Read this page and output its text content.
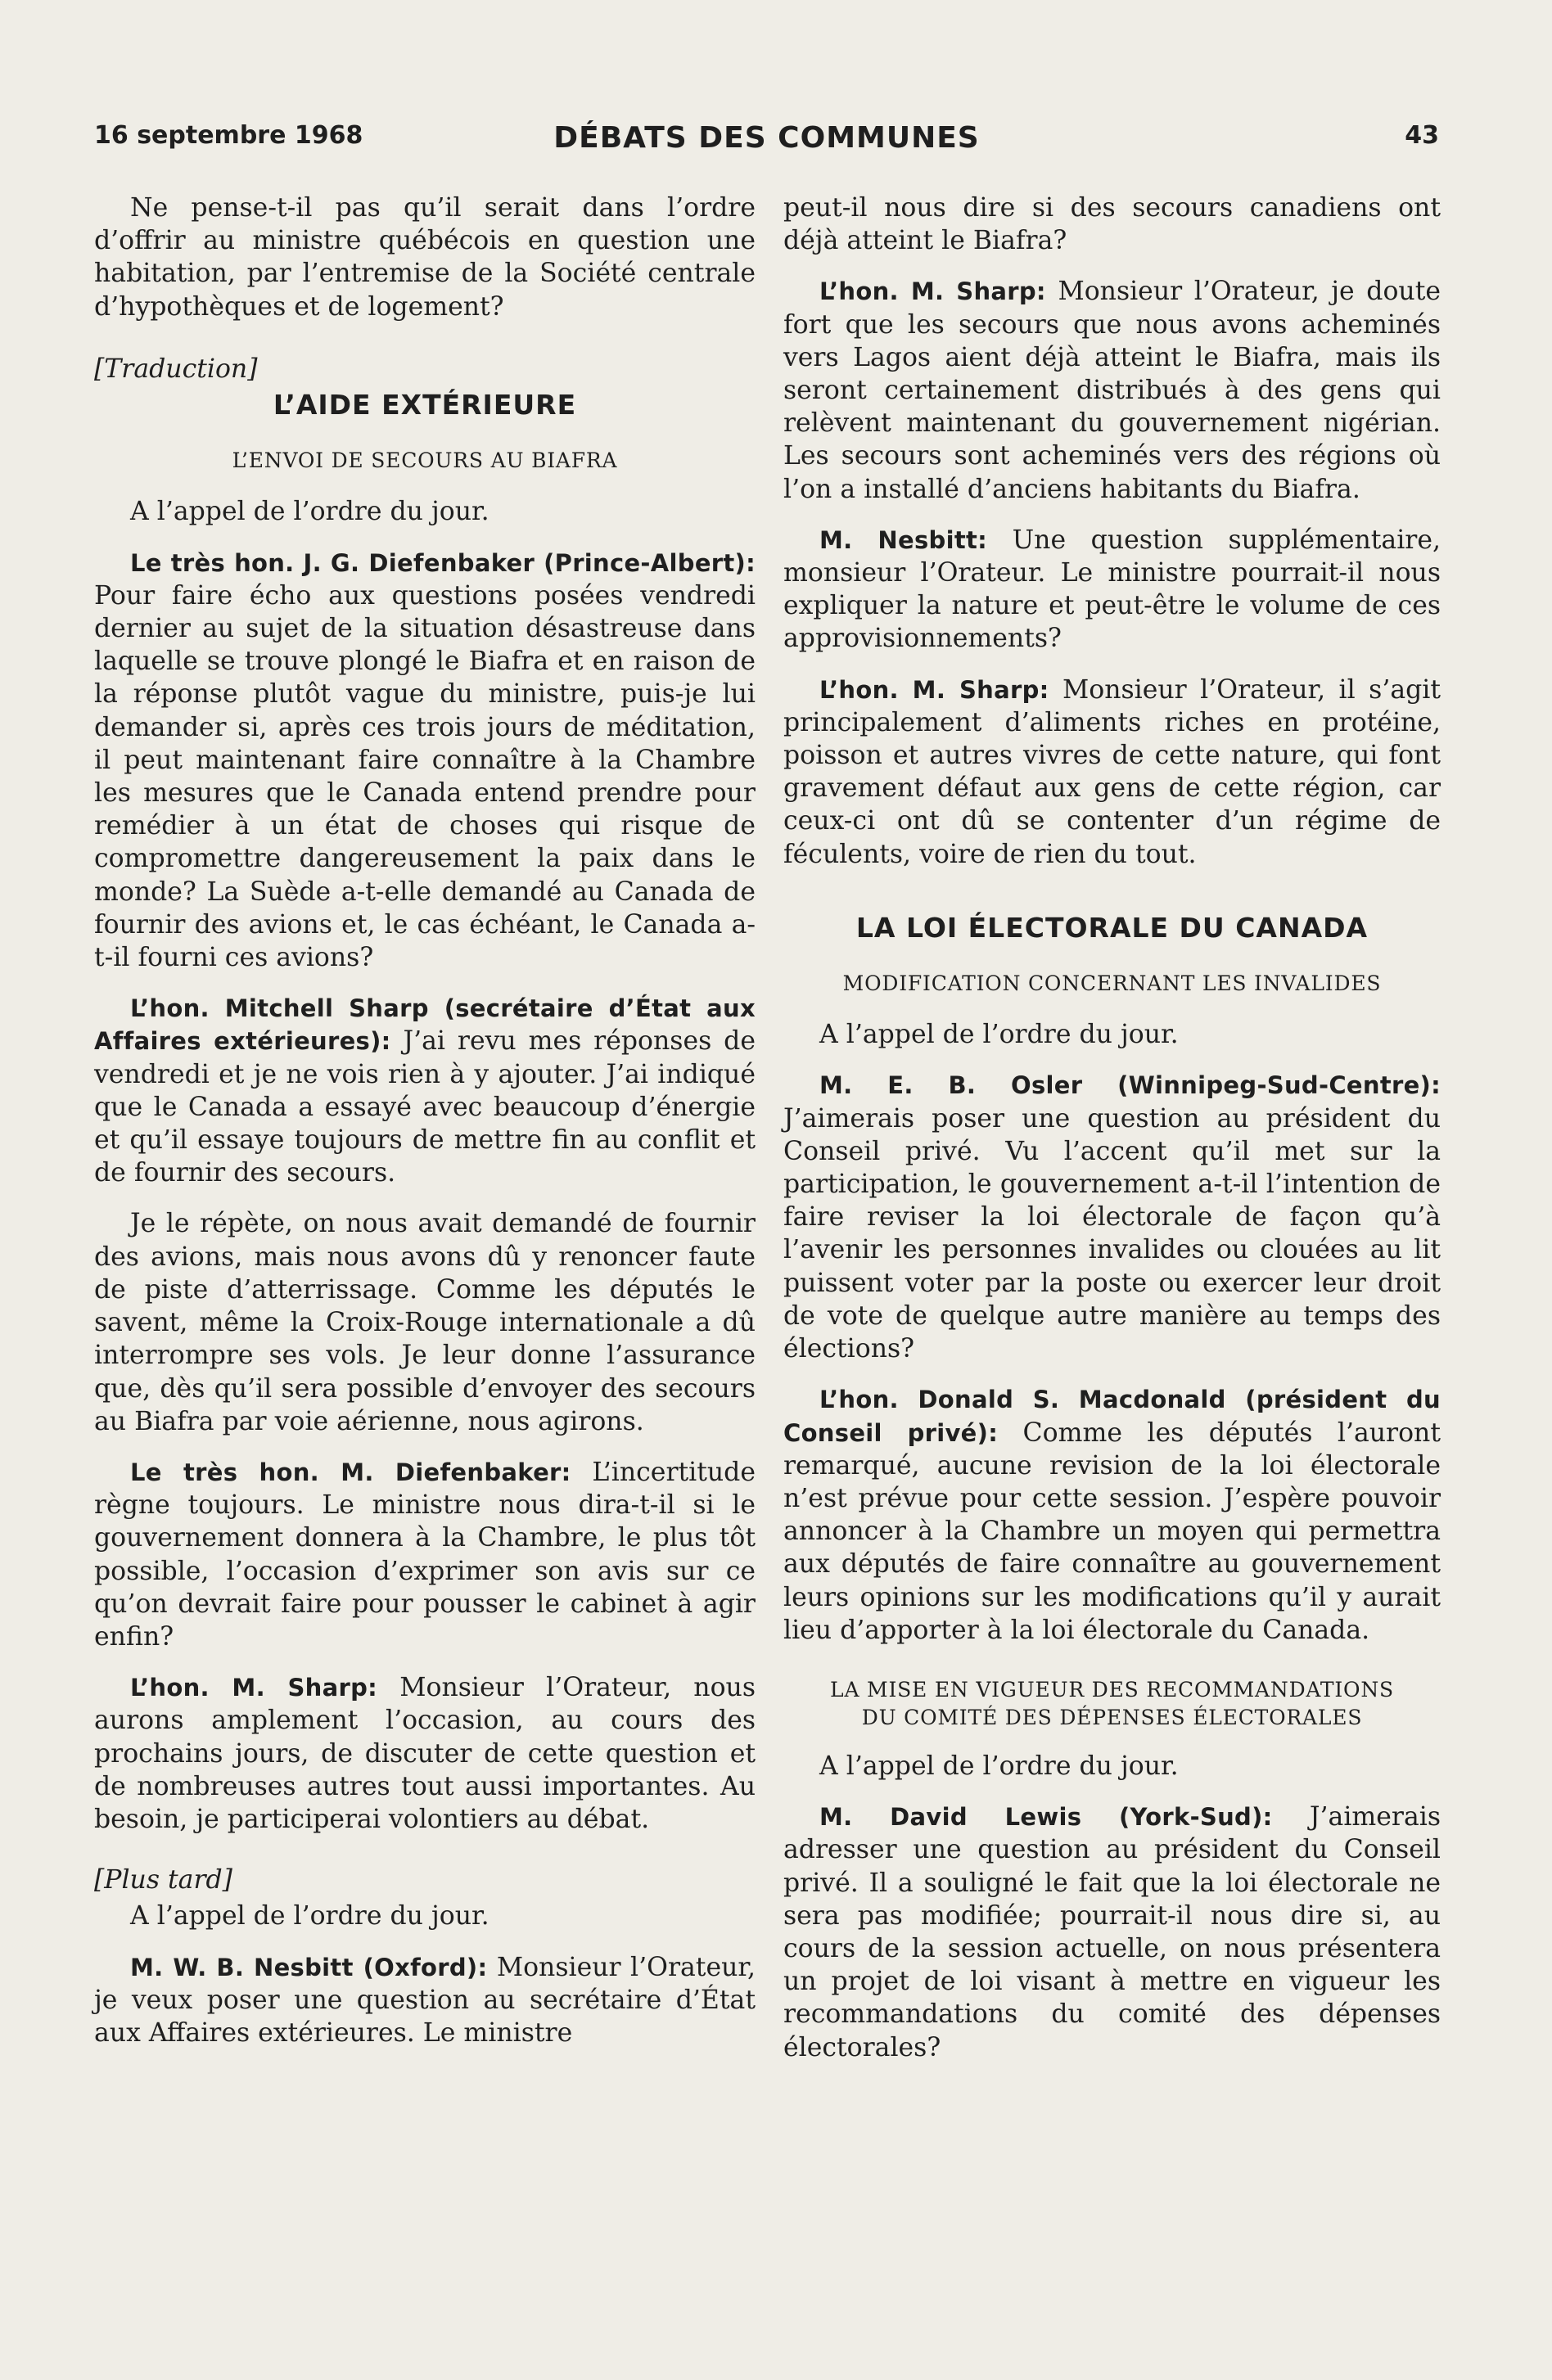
16 septembre 1968	DÉBATS DES COMMUNES	43

Ne pense-t-il pas qu’il serait dans l’ordre d’offrir au ministre québécois en question une habitation, par l’entremise de la Société centrale d’hypothèques et de logement?

[Traduction]

L’AIDE EXTÉRIEURE
L’ENVOI DE SECOURS AU BIAFRA

A l’appel de l’ordre du jour.

Le très hon. J. G. Diefenbaker (Prince-Albert): Pour faire écho aux questions posées vendredi dernier au sujet de la situation désastreuse dans laquelle se trouve plongé le Biafra et en raison de la réponse plutôt vague du ministre, puis-je lui demander si, après ces trois jours de méditation, il peut maintenant faire connaître à la Chambre les mesures que le Canada entend prendre pour remédier à un état de choses qui risque de compromettre dangereusement la paix dans le monde? La Suède a-t-elle demandé au Canada de fournir des avions et, le cas échéant, le Canada a-t-il fourni ces avions?

L’hon. Mitchell Sharp (secrétaire d’État aux Affaires extérieures): J’ai revu mes réponses de vendredi et je ne vois rien à y ajouter. J’ai indiqué que le Canada a essayé avec beaucoup d’énergie et qu’il essaye toujours de mettre fin au conflit et de fournir des secours.

Je le répète, on nous avait demandé de fournir des avions, mais nous avons dû y renoncer faute de piste d’atterrissage. Comme les députés le savent, même la Croix-Rouge internationale a dû interrompre ses vols. Je leur donne l’assurance que, dès qu’il sera possible d’envoyer des secours au Biafra par voie aérienne, nous agirons.

Le très hon. M. Diefenbaker: L’incertitude règne toujours. Le ministre nous dira-t-il si le gouvernement donnera à la Chambre, le plus tôt possible, l’occasion d’exprimer son avis sur ce qu’on devrait faire pour pousser le cabinet à agir enfin?

L’hon. M. Sharp: Monsieur l’Orateur, nous aurons amplement l’occasion, au cours des prochains jours, de discuter de cette question et de nombreuses autres tout aussi importantes. Au besoin, je participerai volontiers au débat.

[Plus tard]

A l’appel de l’ordre du jour.

M. W. B. Nesbitt (Oxford): Monsieur l’Orateur, je veux poser une question au secrétaire d’État aux Affaires extérieures. Le ministre

peut-il nous dire si des secours canadiens ont déjà atteint le Biafra?

L’hon. M. Sharp: Monsieur l’Orateur, je doute fort que les secours que nous avons acheminés vers Lagos aient déjà atteint le Biafra, mais ils seront certainement distribués à des gens qui relèvent maintenant du gouvernement nigérian. Les secours sont acheminés vers des régions où l’on a installé d’anciens habitants du Biafra.

M. Nesbitt: Une question supplémentaire, monsieur l’Orateur. Le ministre pourrait-il nous expliquer la nature et peut-être le volume de ces approvisionnements?

L’hon. M. Sharp: Monsieur l’Orateur, il s’agit principalement d’aliments riches en protéine, poisson et autres vivres de cette nature, qui font gravement défaut aux gens de cette région, car ceux-ci ont dû se contenter d’un régime de féculents, voire de rien du tout.

LA LOI ÉLECTORALE DU CANADA
MODIFICATION CONCERNANT LES INVALIDES

A l’appel de l’ordre du jour.

M. E. B. Osler (Winnipeg-Sud-Centre): J’aimerais poser une question au président du Conseil privé. Vu l’accent qu’il met sur la participation, le gouvernement a-t-il l’intention de faire reviser la loi électorale de façon qu’à l’avenir les personnes invalides ou clouées au lit puissent voter par la poste ou exercer leur droit de vote de quelque autre manière au temps des élections?

L’hon. Donald S. Macdonald (président du Conseil privé): Comme les députés l’auront remarqué, aucune revision de la loi électorale n’est prévue pour cette session. J’espère pouvoir annoncer à la Chambre un moyen qui permettra aux députés de faire connaître au gouvernement leurs opinions sur les modifications qu’il y aurait lieu d’apporter à la loi électorale du Canada.

LA MISE EN VIGUEUR DES RECOMMANDATIONS
DU COMITÉ DES DÉPENSES ÉLECTORALES

A l’appel de l’ordre du jour.

M. David Lewis (York-Sud): J’aimerais adresser une question au président du Conseil privé. Il a souligné le fait que la loi électorale ne sera pas modifiée; pourrait-il nous dire si, au cours de la session actuelle, on nous présentera un projet de loi visant à mettre en vigueur les recommandations du comité des dépenses électorales?
